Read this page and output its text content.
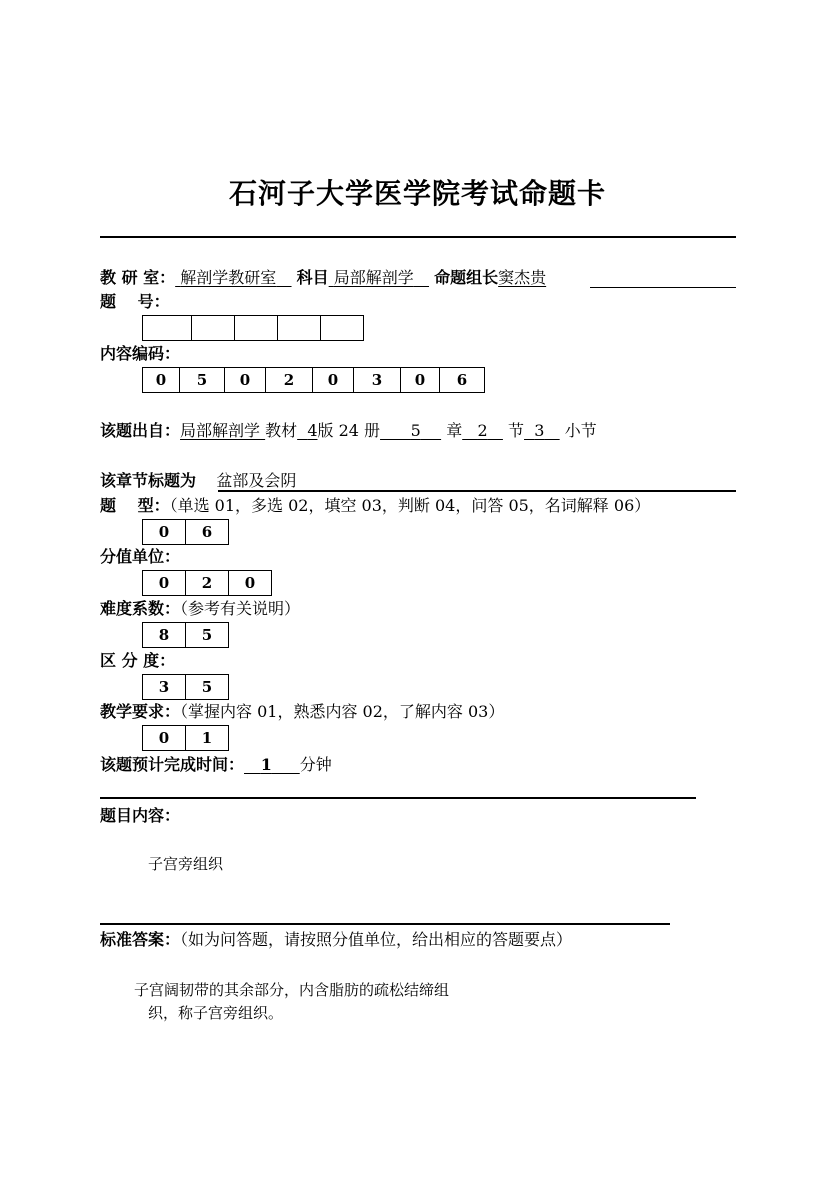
石河子大学医学院考试命题卡
教 研 室： 解剖学教研室 科目 局部解剖学 命题组长窦杰贵
题　 号：
内容编码：
0	5	0	2	0	3	0	6
该题出自：局部解剖学 教材 4版 24 册 5 章 2 节 3 小节
该章节标题为 盆部及会阴
题　 型：（单选 01，多选 02，填空 03，判断 04，问答 05，名词解释 06）
0	6
分值单位：
0	2	0
难度系数：（参考有关说明）
8	5
区 分 度：
3	5
教学要求：（掌握内容 01，熟悉内容 02，了解内容 03）
0	1
该题预计完成时间： 1 分钟
题目内容：
子宫旁组织
标准答案：（如为问答题，请按照分值单位，给出相应的答题要点）
子宫阔韧带的其余部分，内含脂肪的疏松结缔组
织，称子宫旁组织。
